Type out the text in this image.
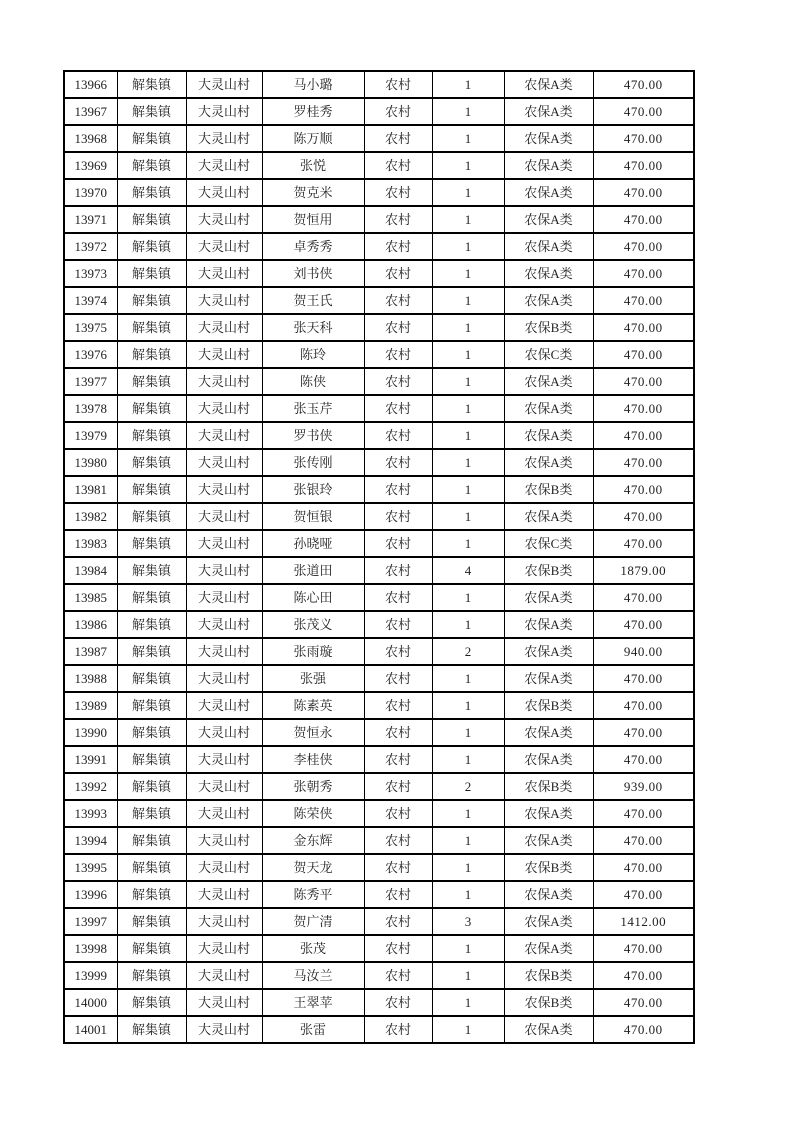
13966	解集镇	大灵山村	马小璐	农村	1	农保A类	470.00
13967	解集镇	大灵山村	罗桂秀	农村	1	农保A类	470.00
13968	解集镇	大灵山村	陈万顺	农村	1	农保A类	470.00
13969	解集镇	大灵山村	张悦	农村	1	农保A类	470.00
13970	解集镇	大灵山村	贺克米	农村	1	农保A类	470.00
13971	解集镇	大灵山村	贺恒用	农村	1	农保A类	470.00
13972	解集镇	大灵山村	卓秀秀	农村	1	农保A类	470.00
13973	解集镇	大灵山村	刘书侠	农村	1	农保A类	470.00
13974	解集镇	大灵山村	贺王氏	农村	1	农保A类	470.00
13975	解集镇	大灵山村	张天科	农村	1	农保B类	470.00
13976	解集镇	大灵山村	陈玲	农村	1	农保C类	470.00
13977	解集镇	大灵山村	陈侠	农村	1	农保A类	470.00
13978	解集镇	大灵山村	张玉芹	农村	1	农保A类	470.00
13979	解集镇	大灵山村	罗书侠	农村	1	农保A类	470.00
13980	解集镇	大灵山村	张传刚	农村	1	农保A类	470.00
13981	解集镇	大灵山村	张银玲	农村	1	农保B类	470.00
13982	解集镇	大灵山村	贺恒银	农村	1	农保A类	470.00
13983	解集镇	大灵山村	孙晓哑	农村	1	农保C类	470.00
13984	解集镇	大灵山村	张道田	农村	4	农保B类	1879.00
13985	解集镇	大灵山村	陈心田	农村	1	农保A类	470.00
13986	解集镇	大灵山村	张茂义	农村	1	农保A类	470.00
13987	解集镇	大灵山村	张雨璇	农村	2	农保A类	940.00
13988	解集镇	大灵山村	张强	农村	1	农保A类	470.00
13989	解集镇	大灵山村	陈素英	农村	1	农保B类	470.00
13990	解集镇	大灵山村	贺恒永	农村	1	农保A类	470.00
13991	解集镇	大灵山村	李桂侠	农村	1	农保A类	470.00
13992	解集镇	大灵山村	张朝秀	农村	2	农保B类	939.00
13993	解集镇	大灵山村	陈荣侠	农村	1	农保A类	470.00
13994	解集镇	大灵山村	金东辉	农村	1	农保A类	470.00
13995	解集镇	大灵山村	贺天龙	农村	1	农保B类	470.00
13996	解集镇	大灵山村	陈秀平	农村	1	农保A类	470.00
13997	解集镇	大灵山村	贺广清	农村	3	农保A类	1412.00
13998	解集镇	大灵山村	张茂	农村	1	农保A类	470.00
13999	解集镇	大灵山村	马汝兰	农村	1	农保B类	470.00
14000	解集镇	大灵山村	王翠苹	农村	1	农保B类	470.00
14001	解集镇	大灵山村	张雷	农村	1	农保A类	470.00
